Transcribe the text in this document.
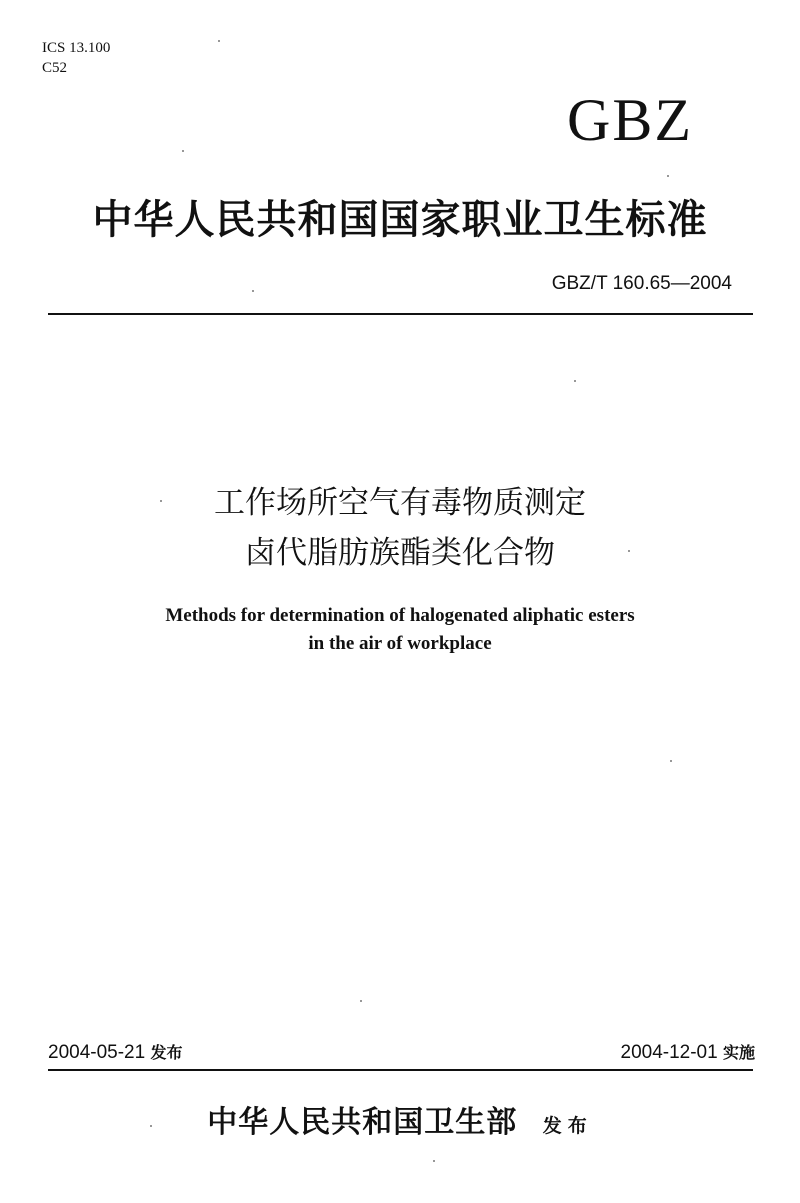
ICS 13.100
C52
GBZ
中华人民共和国国家职业卫生标准
GBZ/T 160.65—2004
工作场所空气有毒物质测定
卤代脂肪族酯类化合物
Methods for determination of halogenated aliphatic esters
in the air of workplace
2004-05-21 发布	2004-12-01 实施
中华人民共和国卫生部 发布
